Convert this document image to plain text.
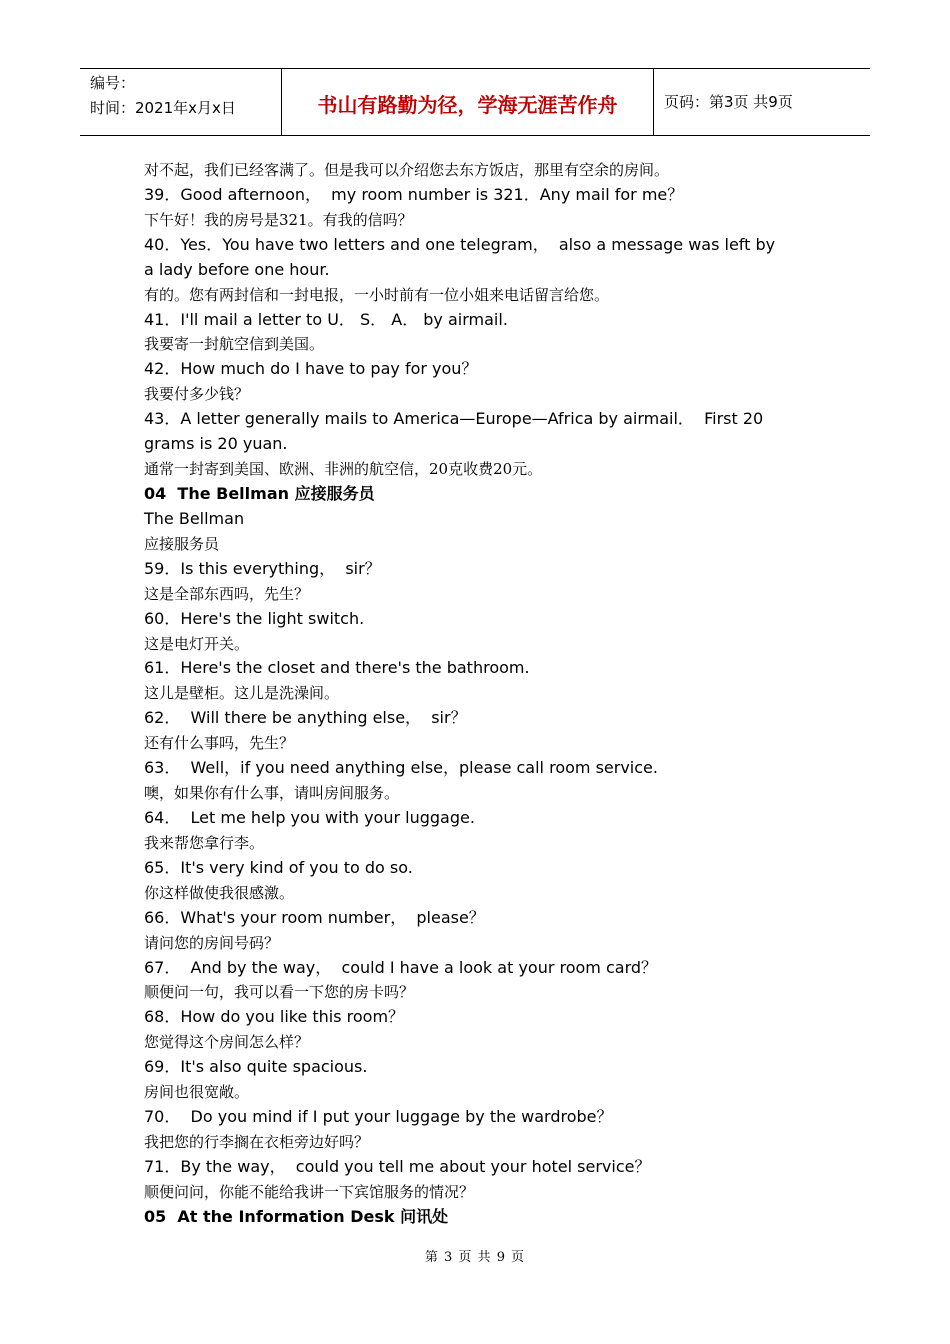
编号：
时间：2021年x月x日	书山有路勤为径，学海无涯苦作舟	页码：第3页 共9页
对不起，我们已经客满了。但是我可以介绍您去东方饭店，那里有空余的房间。
39．Good afternoon，  my room number is 321．Any mail for me？
下午好！我的房号是321。有我的信吗？
40．Yes．You have two letters and one telegram，  also a message was left by
a lady before one hour.
有的。您有两封信和一封电报，一小时前有一位小姐来电话留言给您。
41．I'll mail a letter to U． S． A． by airmail.
我要寄一封航空信到美国。
42．How much do I have to pay for you？
我要付多少钱？
43．A letter generally mails to America—Europe—Africa by airmail．  First 20
grams is 20 yuan.
通常一封寄到美国、欧洲、非洲的航空信，20克收费20元。
04  The Bellman 应接服务员
The Bellman
应接服务员
59．Is this everything，  sir？
这是全部东西吗，先生？
60．Here's the light switch.
这是电灯开关。
61．Here's the closet and there's the bathroom.
这儿是壁柜。这儿是洗澡间。
62．  Will there be anything else，  sir？
还有什么事吗，先生？
63．  Well，if you need anything else，please call room service.
噢，如果你有什么事，请叫房间服务。
64．  Let me help you with your luggage.
我来帮您拿行李。
65．It's very kind of you to do so.
你这样做使我很感激。
66．What's your room number，  please？
请问您的房间号码？
67．  And by the way，  could I have a look at your room card？
顺便问一句，我可以看一下您的房卡吗？
68．How do you like this room？
您觉得这个房间怎么样？
69．It's also quite spacious.
房间也很宽敞。
70．  Do you mind if I put your luggage by the wardrobe？
我把您的行李搁在衣柜旁边好吗？
71．By the way，  could you tell me about your hotel service？
顺便问问，你能不能给我讲一下宾馆服务的情况？
05  At the Information Desk 问讯处
第 3 页 共 9 页
